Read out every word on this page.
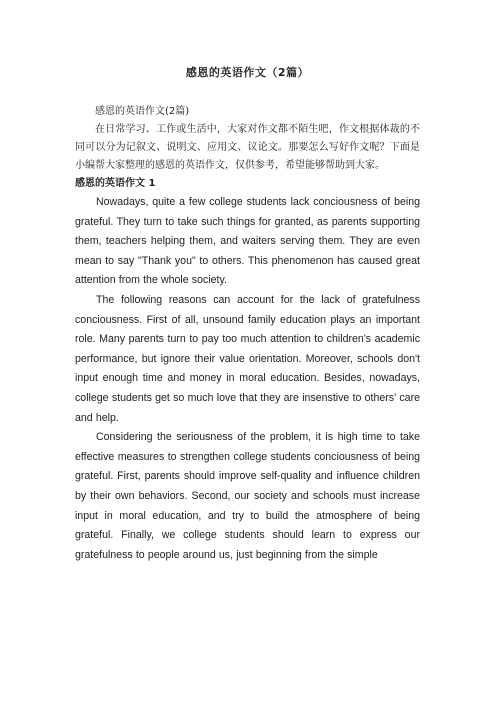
感恩的英语作文（2篇）
感恩的英语作文(2篇)
在日常学习、工作或生活中，大家对作文都不陌生吧，作文根据体裁的不同可以分为记叙文、说明文、应用文、议论文。那要怎么写好作文呢？下面是小编帮大家整理的感恩的英语作文，仅供参考，希望能够帮助到大家。
感恩的英语作文 1
Nowadays, quite a few college students lack conciousness of being grateful. They turn to take such things for granted, as parents supporting them, teachers helping them, and waiters serving them. They are even mean to say "Thank you" to others. This phenomenon has caused great attention from the whole society.
The following reasons can account for the lack of gratefulness conciousness. First of all, unsound family education plays an important role. Many parents turn to pay too much attention to children's academic performance, but ignore their value orientation. Moreover, schools don't input enough time and money in moral education. Besides, nowadays, college students get so much love that they are insenstive to others' care and help.
Considering the seriousness of the problem, it is high time to take effective measures to strengthen college students conciousness of being grateful. First, parents should improve self-quality and influence children by their own behaviors. Second, our society and schools must increase input in moral education, and try to build the atmosphere of being grateful. Finally, we college students should learn to express our gratefulness to people around us, just beginning from the simple
